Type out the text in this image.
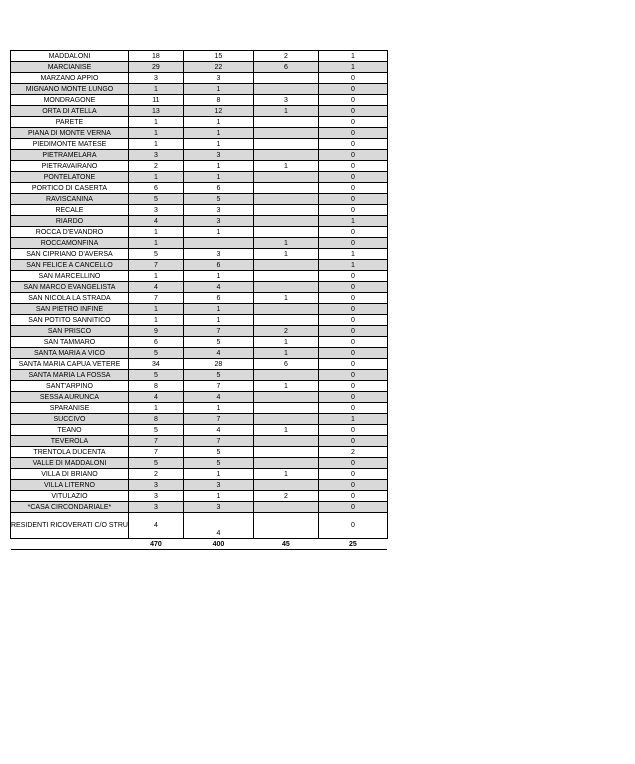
MADDALONI	18	15	2	1
MARCIANISE	29	22	6	1
MARZANO APPIO	3	3		0
MIGNANO MONTE LUNGO	1	1		0
MONDRAGONE	11	8	3	0
ORTA DI ATELLA	13	12	1	0
PARETE	1	1		0
PIANA DI MONTE VERNA	1	1		0
PIEDIMONTE MATESE	1	1		0
PIETRAMELARA	3	3		0
PIETRAVAIRANO	2	1	1	0
PONTELATONE	1	1		0
PORTICO DI CASERTA	6	6		0
RAVISCANINA	5	5		0
RECALE	3	3		0
RIARDO	4	3		1
ROCCA D'EVANDRO	1	1		0
ROCCAMONFINA	1		1	0
SAN CIPRIANO D'AVERSA	5	3	1	1
SAN FELICE A CANCELLO	7	6		1
SAN MARCELLINO	1	1		0
SAN MARCO EVANGELISTA	4	4		0
SAN NICOLA LA STRADA	7	6	1	0
SAN PIETRO INFINE	1	1		0
SAN POTITO SANNITICO	1	1		0
SAN PRISCO	9	7	2	0
SAN TAMMARO	6	5	1	0
SANTA MARIA A VICO	5	4	1	0
SANTA MARIA CAPUA VETERE	34	28	6	0
SANTA MARIA LA FOSSA	5	5		0
SANT'ARPINO	8	7	1	0
SESSA AURUNCA	4	4		0
SPARANISE	1	1		0
SUCCIVO	8	7		1
TEANO	5	4	1	0
TEVEROLA	7	7		0
TRENTOLA DUCENTA	7	5		2
VALLE DI MADDALONI	5	5		0
VILLA DI BRIANO	2	1	1	0
VILLA LITERNO	3	3		0
VITULAZIO	3	1	2	0
*CASA CIRCONDARIALE*	3	3		0
RESIDENTI RICOVERATI C/O STRU	4	4		0
	470	400	45	25
